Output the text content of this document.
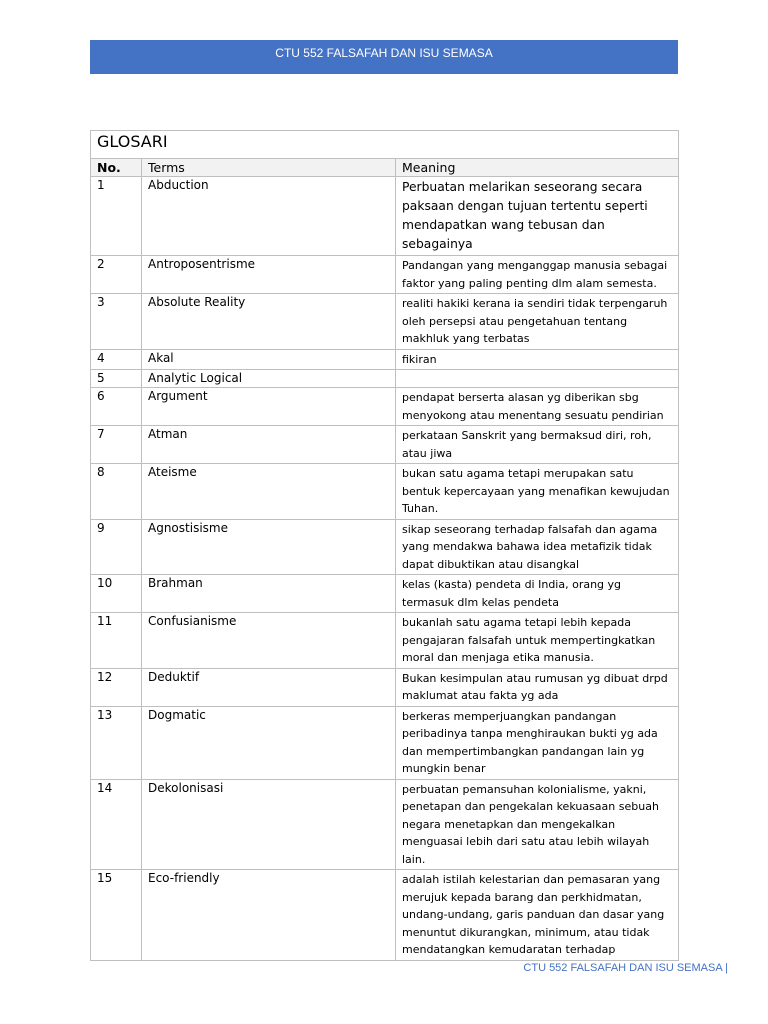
CTU 552 FALSAFAH DAN ISU SEMASA
GLOSARI		
No.	Terms	Meaning
1	Abduction	Perbuatan melarikan seseorang secara paksaan dengan tujuan tertentu seperti mendapatkan wang tebusan dan sebagainya
2	Antroposentrisme	Pandangan yang menganggap manusia sebagai faktor yang paling penting dlm alam semesta.
3	Absolute Reality	realiti hakiki kerana ia sendiri tidak terpengaruh oleh persepsi atau pengetahuan tentang makhluk yang terbatas
4	Akal	fikiran
5	Analytic Logical	
6	Argument	pendapat berserta alasan yg diberikan sbg menyokong atau menentang sesuatu pendirian
7	Atman	perkataan Sanskrit yang bermaksud diri, roh, atau jiwa
8	Ateisme	bukan satu agama tetapi merupakan satu bentuk kepercayaan yang menafikan kewujudan Tuhan.
9	Agnostisisme	sikap seseorang terhadap falsafah dan agama yang mendakwa bahawa idea metafizik tidak dapat dibuktikan atau disangkal
10	Brahman	kelas (kasta) pendeta di India, orang yg termasuk dlm kelas pendeta
11	Confusianisme	bukanlah satu agama tetapi lebih kepada pengajaran falsafah untuk mempertingkatkan moral dan menjaga etika manusia.
12	Deduktif	Bukan kesimpulan atau rumusan yg dibuat drpd maklumat atau fakta yg ada
13	Dogmatic	berkeras memperjuangkan pandangan peribadinya tanpa menghiraukan bukti yg ada dan mempertimbangkan pandangan lain yg mungkin benar
14	Dekolonisasi	perbuatan pemansuhan kolonialisme, yakni, penetapan dan pengekalan kekuasaan sebuah negara menetapkan dan mengekalkan menguasai lebih dari satu atau lebih wilayah lain.
15	Eco-friendly	adalah istilah kelestarian dan pemasaran yang merujuk kepada barang dan perkhidmatan, undang-undang, garis panduan dan dasar yang menuntut dikurangkan, minimum, atau tidak mendatangkan kemudaratan terhadap
CTU 552 FALSAFAH DAN ISU SEMASA |
